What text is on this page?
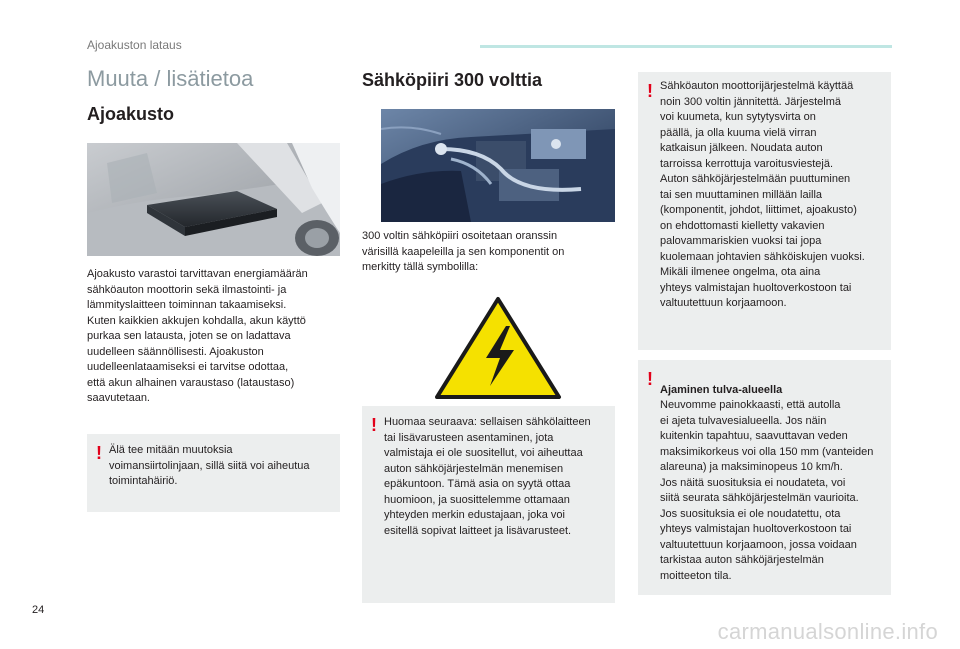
Ajoakuston lataus
Muuta / lisätietoa
Ajoakusto
Ajoakusto varastoi tarvittavan energiamäärän
sähköauton moottorin sekä ilmastointi- ja
lämmityslaitteen toiminnan takaamiseksi.
Kuten kaikkien akkujen kohdalla, akun käyttö
purkaa sen latausta, joten se on ladattava
uudelleen säännöllisesti. Ajoakuston
uudelleenlataamiseksi ei tarvitse odottaa,
että akun alhainen varaustaso (lataustaso)
saavutetaan.
! Älä tee mitään muutoksia
voimansiirtolinjaan, sillä siitä voi aiheutua
toimintahäiriö.
Sähköpiiri 300 volttia
300 voltin sähköpiiri osoitetaan oranssin
värisillä kaapeleilla ja sen komponentit on
merkitty tällä symbolilla:
! Huomaa seuraava: sellaisen sähkölaitteen
tai lisävarusteen asentaminen, jota
valmistaja ei ole suositellut, voi aiheuttaa
auton sähköjärjestelmän menemisen
epäkuntoon. Tämä asia on syytä ottaa
huomioon, ja suosittelemme ottamaan
yhteyden merkin edustajaan, joka voi
esitellä sopivat laitteet ja lisävarusteet.
! Sähköauton moottorijärjestelmä käyttää
noin 300 voltin jännitettä. Järjestelmä
voi kuumeta, kun sytytysvirta on
päällä, ja olla kuuma vielä virran
katkaisun jälkeen. Noudata auton
tarroissa kerrottuja varoitusviestejä.
Auton sähköjärjestelmään puuttuminen
tai sen muuttaminen millään lailla
(komponentit, johdot, liittimet, ajoakusto)
on ehdottomasti kielletty vakavien
palovammariskien vuoksi tai jopa
kuolemaan johtavien sähköiskujen vuoksi.
Mikäli ilmenee ongelma, ota aina
yhteys valmistajan huoltoverkostoon tai
valtuutettuun korjaamoon.
!

Ajaminen tulva-alueella
Neuvomme painokkaasti, että autolla
ei ajeta tulvavesialueella. Jos näin
kuitenkin tapahtuu, saavuttavan veden
maksimikorkeus voi olla 150 mm (vanteiden
alareuna) ja maksiminopeus 10 km/h.
Jos näitä suosituksia ei noudateta, voi
siitä seurata sähköjärjestelmän vaurioita.
Jos suosituksia ei ole noudatettu, ota
yhteys valmistajan huoltoverkostoon tai
valtuutettuun korjaamoon, jossa voidaan
tarkistaa auton sähköjärjestelmän
moitteeton tila.

24
carmanualsonline.info
